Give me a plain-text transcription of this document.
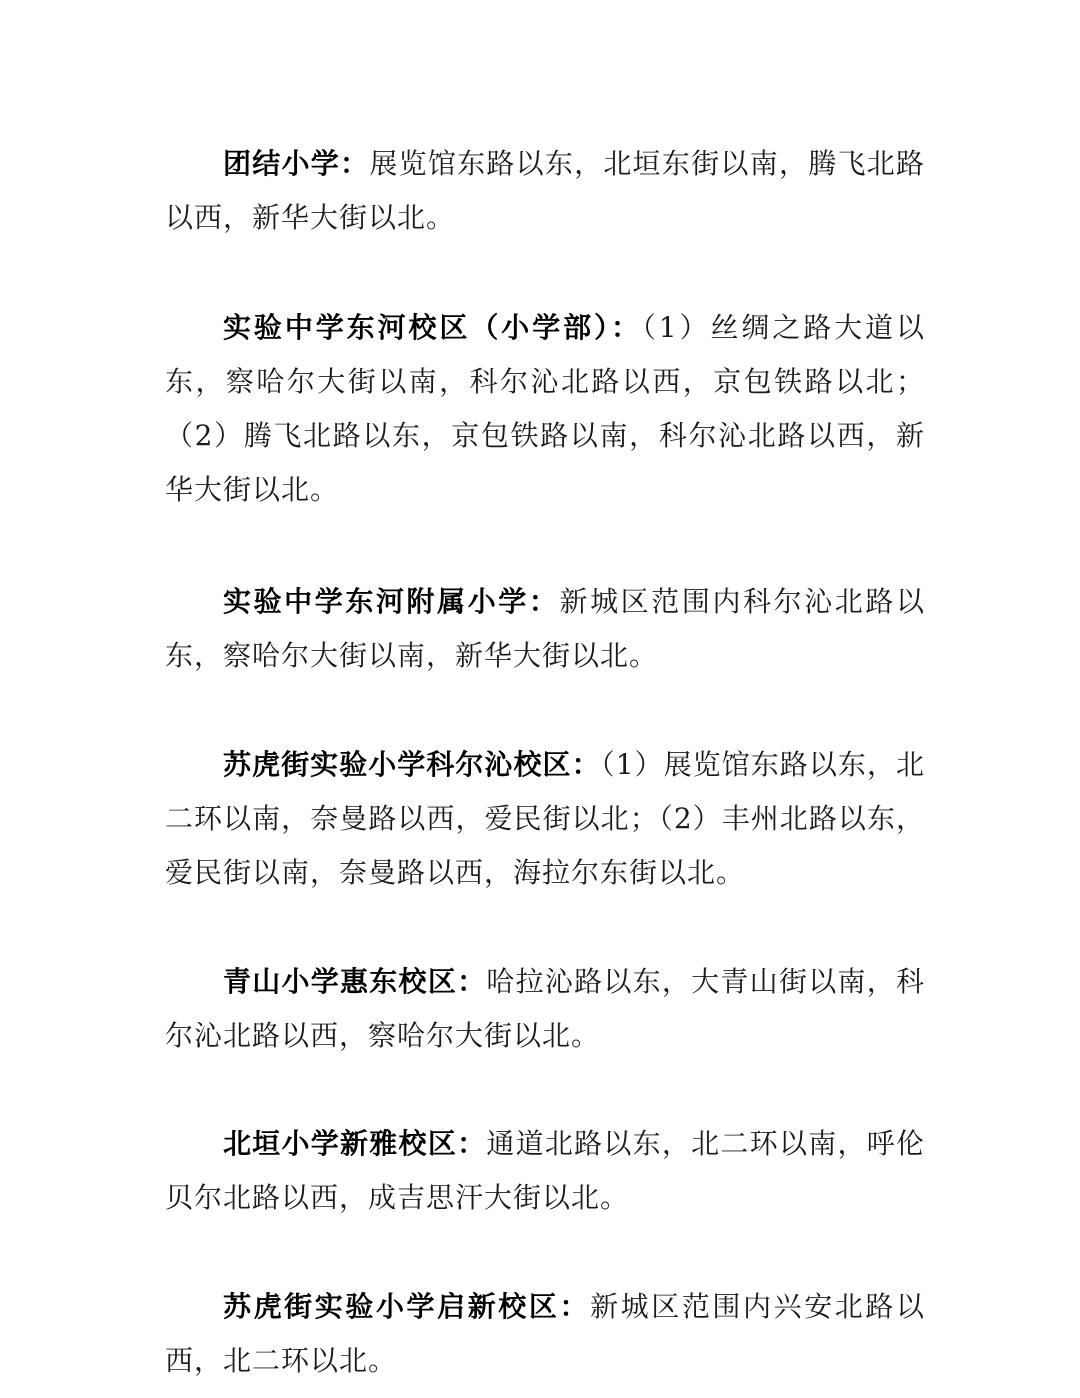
团结小学：展览馆东路以东，北垣东街以南，腾飞北路以西，新华大街以北。

实验中学东河校区（小学部）：（1）丝绸之路大道以东，察哈尔大街以南，科尔沁北路以西，京包铁路以北；（2）腾飞北路以东，京包铁路以南，科尔沁北路以西，新华大街以北。

实验中学东河附属小学：新城区范围内科尔沁北路以东，察哈尔大街以南，新华大街以北。

苏虎街实验小学科尔沁校区：（1）展览馆东路以东，北二环以南，奈曼路以西，爱民街以北；（2）丰州北路以东，爱民街以南，奈曼路以西，海拉尔东街以北。

青山小学惠东校区：哈拉沁路以东，大青山街以南，科尔沁北路以西，察哈尔大街以北。

北垣小学新雅校区：通道北路以东，北二环以南，呼伦贝尔北路以西，成吉思汗大街以北。

苏虎街实验小学启新校区：新城区范围内兴安北路以西，北二环以北。
